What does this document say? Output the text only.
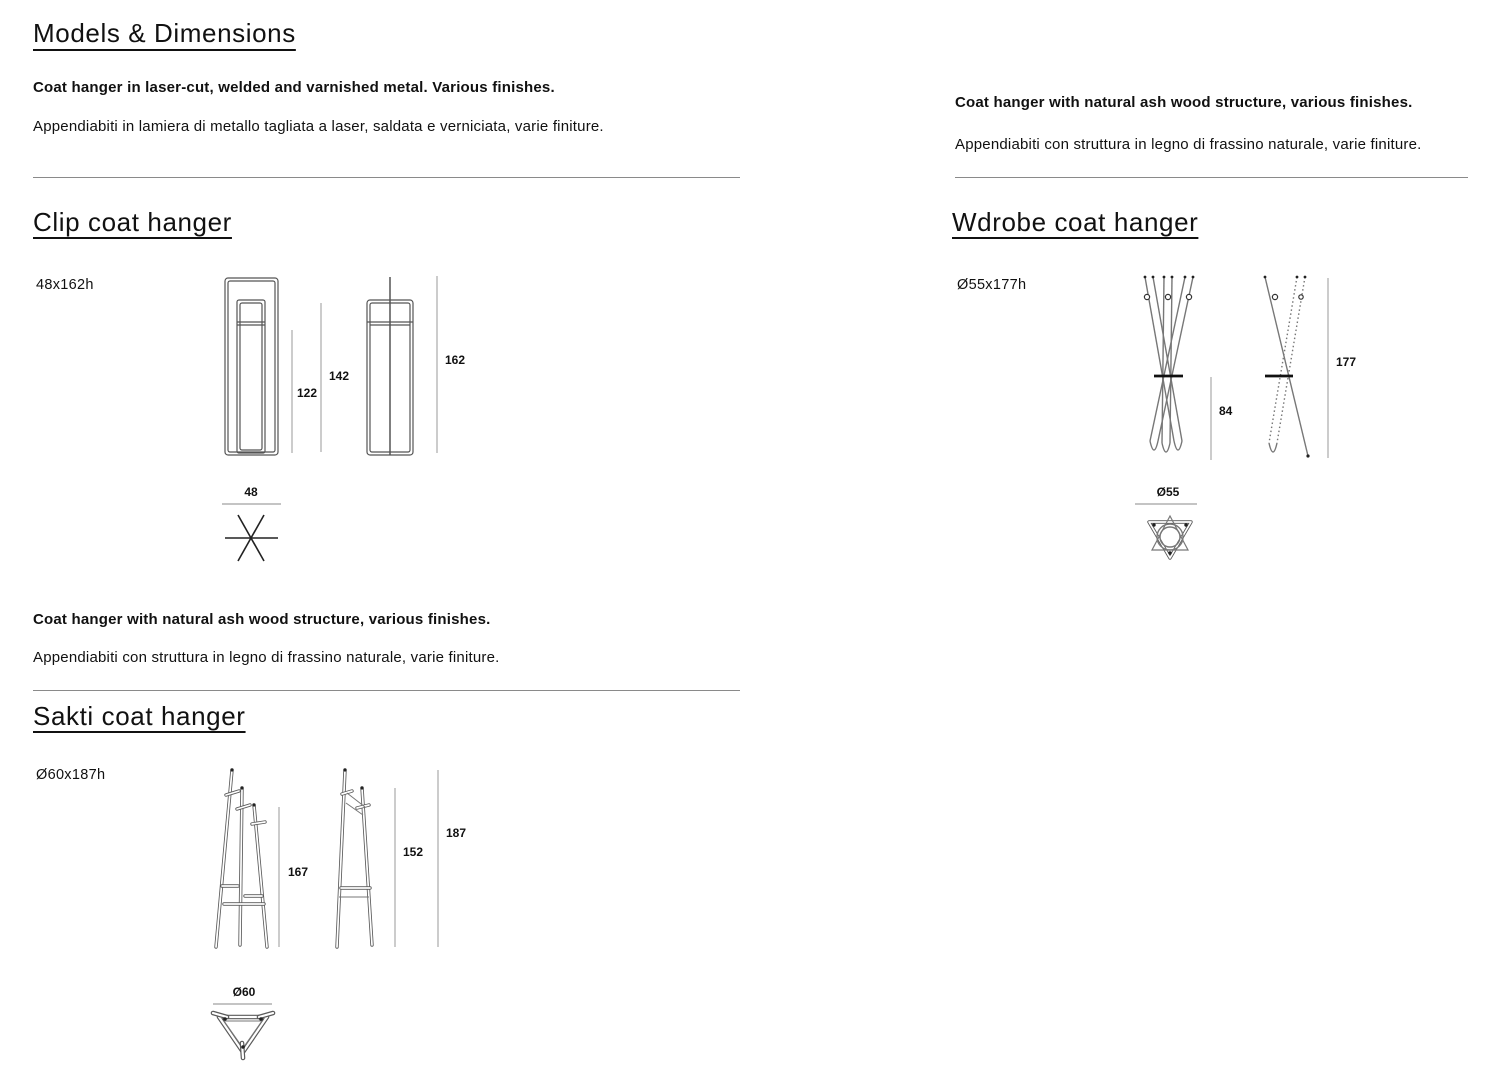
Models & Dimensions

Coat hanger in laser-cut, welded and varnished metal. Various finishes.

Appendiabiti in lamiera di metallo tagliata a laser, saldata e verniciata, varie finiture.

Clip coat hanger
48x162h
122
142
162
48

Coat hanger with natural ash wood structure, various finishes.

Appendiabiti con struttura in legno di frassino naturale, varie finiture.

Wdrobe coat hanger
Ø55x177h
84
177
Ø55

Coat hanger with natural ash wood structure, various finishes.

Appendiabiti con struttura in legno di frassino naturale, varie finiture.

Sakti coat hanger
Ø60x187h
167
152
187
Ø60
